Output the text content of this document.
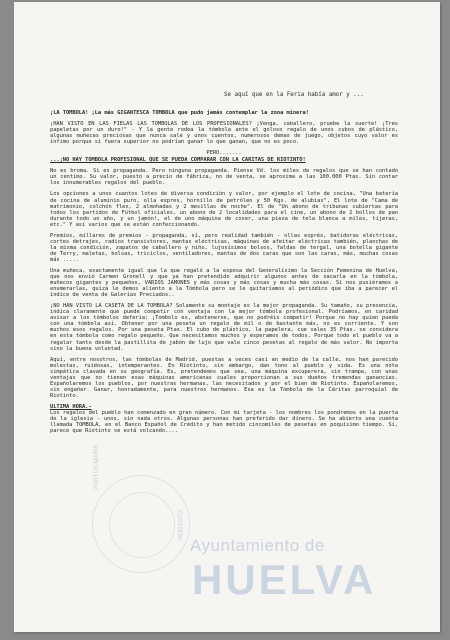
Se aquí que en la Feria había amor y ...

¡LA TOMBOLA! ¡La más GIGANTESCA TOMBOLA que pudo jamás contemplar la zona minera!

¡HAN VISTO EN LAS FIELAS LAS TOMBOLAS DE LOS PROFESIONALES? ¡Venga, caballero, pruebe la suerte! ¡Tres papeletas por un duro!" - Y la gente rodea la tómbola ante el goloso regalo de unos cubos de plástico, algunas muñecas preciosas que nunca sale y unos cuentos, numerosos demas de juego, objetos cuyo valor es ínfimo porque si fuera superior no podrían ganar lo que ganan, que no es poco.

PERO.......

...¡NO HAY TOMBOLA PROFESIONAL QUE SE PUEDA COMPARAR CON LA CARITAS DE RIOTINTO!

No es broma. Si es propaganda. Pero ninguna propaganda. Piense Vd. los miles de regalos que se han contado un centímo. Su valor, puesto a precio de fábrica, no de venta, se aproxima a las 100.000 Ptas. Sin contar los innumerables regalos del pueblo.

Los opciones a unos cuantos lotes de diversa condición y valor, por ejemplo el lote de cocina, "Una batería de cocina de aluminio puro, olla expres, hornillo de petróleo y 50 Kgs. de alubias", El lote de "Cama de matrimonio, colchón flex, 2 almohadas y 2 mesillas de noche". El de "Un abono de tribunas cubiertas para todos los partidos de Fútbol oficiales, un abono de 2 localidades para el cine, un abono de 2 bollos de pan durante todo un año, y un jamón!, el de uno máquina de coser, una pieza de tela blanca a miles, tijeras, etc." Y así varios que se están confeccionando.

Premios, millares de premios - propaganda, sí, pero realidad también - ollas exprés, batidoras eléctricas, cortes detrajes, radios transistores, mantas eléctricas, máquinas de afeitar eléctricas también, planchas de la misma condición, zapatos de caballero y niño, lujosísimos bolsos, faldas de tergal, una botella gigante de Terry, maletas, bolsas, triciclos, ventiladores, mantas de dos caras que son las caras, más, muchas cosas más .....

Una muñeca, exactamente igual que la que regaló a la esposa del Generalísimo la Sección Femenina de Huelva, que nos envió Carmen Gronell y que ya han pretendido adquirir algunos antes de sacarla en la tómbola, muñecos gigantes y pequeños, VARIOS JAMONES y más cosas y más cosas y mucha más cosas. Si nos pusiéramos a enumerarlas, quizá le demos aliento a la Tómbola pero se le quitaríamos al periódico que iba a parecer el índice de venta de Galerías Preciados..

¡NO HAN VISTO LA CASETA DE LA TOMBOLA? Solamente su montaje es la mejor propaganda. Su tamaño, su presencia, indica claramente que puede competir con ventaja con la mejor tómbola profesional. Podríamos, en caridad avisar a los tómbolos deferia: ¡Tombolo es, abstenerse, que no podréis competir! Porque no hay quien pueda con una tómbola así. Obtener por una peseta un regalo de mil o de bastante más, no es corriente. Y son muchos esos regalos. Por una peseta Ptas. El cubo de plástico, la papelera, cue vales 35 Ptas. se considera en esta tómbola como regalo pequeño. Que necesitamos muchos y esperamos de todos. Porque todo el pueblo va a regalar tanto desde la pastillita de jabón de lujo que vale cinco pesetas al regalo de más valor. No importa sino la buena voluntad.

Aquí, entre nosotros, las tómbolas de Madrid, puestas a veces casi en medio de la calle, nos han parecido molestas, ruidosas, intemperantes. En Riotinto, sin embargo, dan tono al pueblo y vida. Es una nota simpática clavada en su geografía. Es, pretendemos que sea, una máquina excuperera, sin trampa, con unas ventajas que no tienen esas máquinas americanas cuales proporcionan a sus dueños tremendas ganancias. Españolaremos los pueblos, por nuestras hermanas, las necesitados y por el bien de Riotinto. Españolaremos, sin engañar. Ganar, honradamente, para nuestros hermanos. Esa es la Tómbola de la Cáritas parroquial de Riotinto.

ULTIMA HORA.-

Los regalos del pueblo han comenzado en gran número. Con mi tarjeta - los nombres los pondremos en la puerta de la iglesia - unos, sin nada otros. Algunas personas han preferido dar dinero. Se ha abierto una cuenta llamada TOMBOLA, en el Banco Español de Crédito y han metido cincomiles de pesetas en poquísimo tiempo. Sí, parece que Riotinto se está volcando....

PORTUS MARIS
CUSTODIA
Ayuntamiento de
HUELVA
